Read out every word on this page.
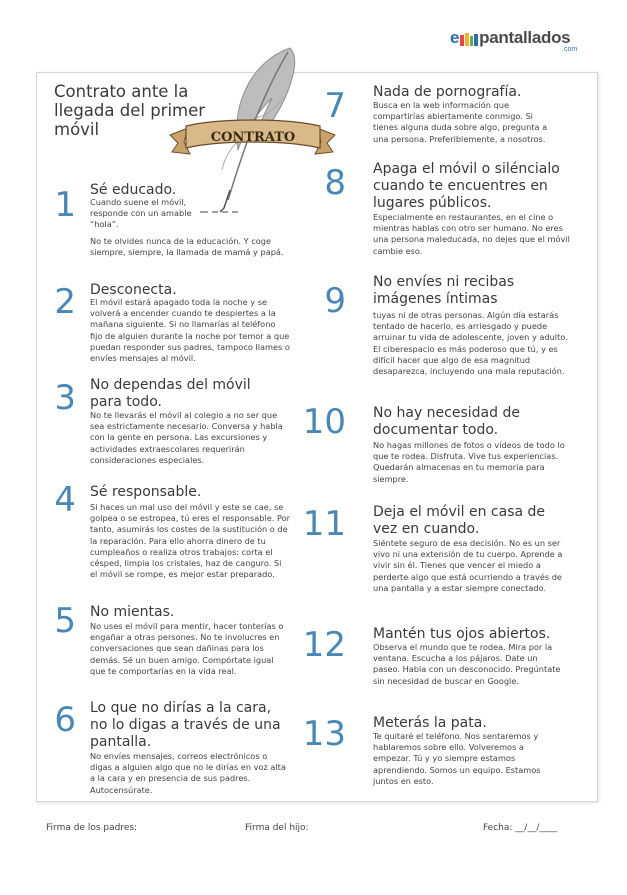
e pantallados
.com
Contrato ante la llegada del primer móvil	CONTRATO
1 Sé educado.
Cuando suene el móvil, responde con un amable “hola”.
No te olvides nunca de la educación. Y coge siempre, siempre, la llamada de mamá y papá.
2 Desconecta.
El móvil estará apagado toda la noche y se volverá a encender cuando te despiertes a la mañana siguiente. Si no llamarías al teléfono fijo de alguien durante la noche por temor a que puedan responder sus padres, tampoco llames o envíes mensajes al móvil.
3 No dependas del móvil para todo.
No te llevarás el móvil al colegio a no ser que sea estrictamente necesario. Conversa y habla con la gente en persona. Las excursiones y actividades extraescolares requerirán consideraciones especiales.
4 Sé responsable.
Si haces un mal uso del móvil y este se cae, se golpea o se estropea, tú eres el responsable. Por tanto, asumirás los costes de la sustitución o de la reparación. Para ello ahorra dinero de tu cumpleaños o realiza otros trabajos: corta el césped, limpia los cristales, haz de canguro. Si el móvil se rompe, es mejor estar preparado.
5 No mientas.
No uses el móvil para mentir, hacer tonterías o engañar a otras persones. No te involucres en conversaciones que sean dañinas para los demás. Sé un buen amigo. Compórtate igual que te comportarías en la vida real.
6 Lo que no dirías a la cara, no lo digas a través de una pantalla.
No envíes mensajes, correos electrónicos o digas a alguien algo que no le dirías en voz alta a la cara y en presencia de sus padres. Autocensúrate.
7 Nada de pornografía.
Busca en la web información que compartirías abiertamente conmigo. Si tienes alguna duda sobre algo, pregunta a una persona. Preferiblemente, a nosotros.
8 Apaga el móvil o siléncialo cuando te encuentres en lugares públicos.
Especialmente en restaurantes, en el cine o mientras hablas con otro ser humano. No eres una persona maleducada, no dejes que el móvil cambie eso.
9 No envíes ni recibas imágenes íntimas
tuyas ni de otras personas. Algún día estarás tentado de hacerlo, es arriesgado y puede arruinar tu vida de adolescente, joven y adulto. El ciberespacio es más poderoso que tú, y es difícil hacer que algo de esa magnitud desaparezca, incluyendo una mala reputación.
10 No hay necesidad de documentar todo.
No hagas millones de fotos o vídeos de todo lo que te rodea. Disfruta. Vive tus experiencias. Quedarán almacenas en tu memoria para siempre.
11 Deja el móvil en casa de vez en cuando.
Siéntete seguro de esa decisión. No es un ser vivo ni una extensión de tu cuerpo. Aprende a vivir sin él. Tienes que vencer el miedo a perderte algo que está ocurriendo a través de una pantalla y a estar siempre conectado.
12 Mantén tus ojos abiertos.
Observa el mundo que te rodea. Mira por la ventana. Escucha a los pájaros. Date un paseo. Habla con un desconocido. Pregúntate sin necesidad de buscar en Google.
13 Meterás la pata.
Te quitaré el teléfono. Nos sentaremos y hablaremos sobre ello. Volveremos a empezar. Tú y yo siempre estamos aprendiendo. Somos un equipo. Estamos juntos en esto.
Firma de los padres:	Firma del hijo:	Fecha: __/__/____
